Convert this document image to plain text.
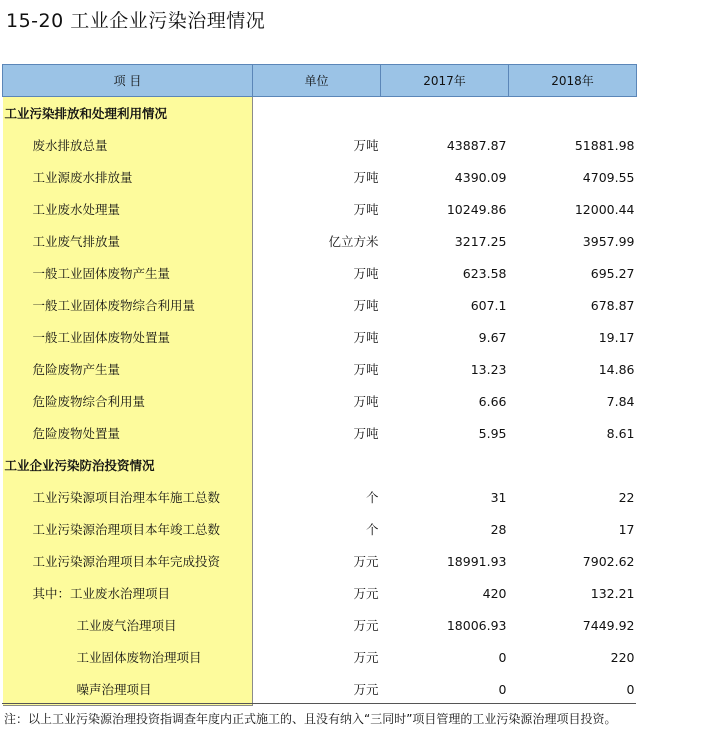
15-20 工业企业污染治理情况
项 目	单位	2017年	2018年
工业污染排放和处理利用情况			
废水排放总量	万吨	43887.87	51881.98
工业源废水排放量	万吨	4390.09	4709.55
工业废水处理量	万吨	10249.86	12000.44
工业废气排放量	亿立方米	3217.25	3957.99
一般工业固体废物产生量	万吨	623.58	695.27
一般工业固体废物综合利用量	万吨	607.1	678.87
一般工业固体废物处置量	万吨	9.67	19.17
危险废物产生量	万吨	13.23	14.86
危险废物综合利用量	万吨	6.66	7.84
危险废物处置量	万吨	5.95	8.61
工业企业污染防治投资情况			
工业污染源项目治理本年施工总数	个	31	22
工业污染源治理项目本年竣工总数	个	28	17
工业污染源治理项目本年完成投资	万元	18991.93	7902.62
其中：工业废水治理项目	万元	420	132.21
工业废气治理项目	万元	18006.93	7449.92
工业固体废物治理项目	万元	0	220
噪声治理项目	万元	0	0
注：以上工业污染源治理投资指调查年度内正式施工的、且没有纳入“三同时”项目管理的工业污染源治理项目投资。
